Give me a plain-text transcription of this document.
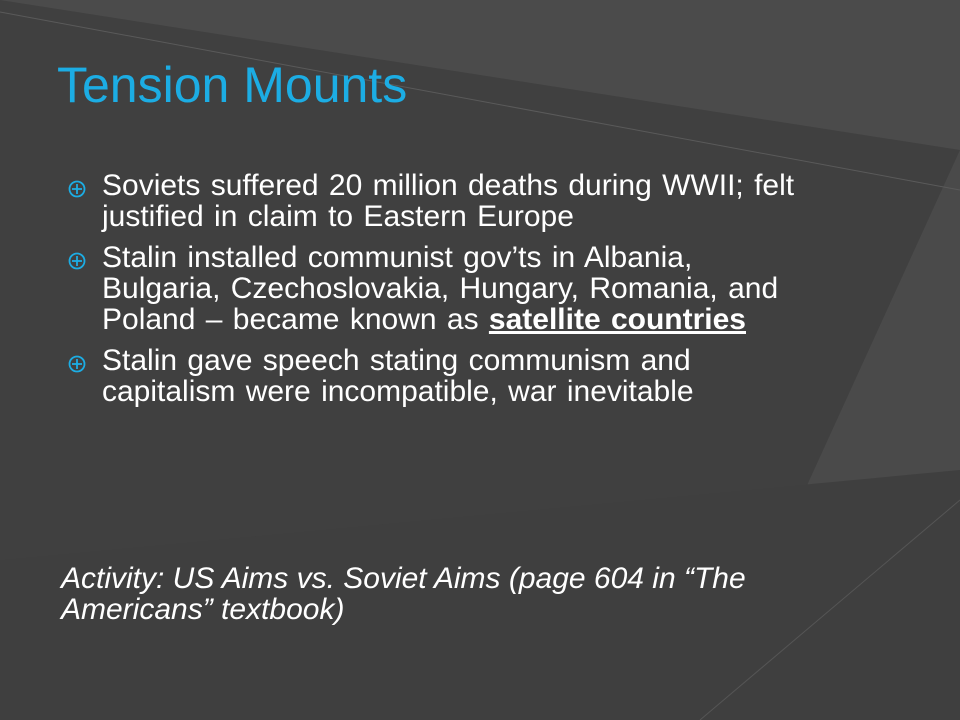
Tension Mounts
Soviets suffered 20 million deaths during WWII; felt justified in claim to Eastern Europe
Stalin installed communist gov’ts in Albania, Bulgaria, Czechoslovakia, Hungary, Romania, and Poland – became known as satellite countries
Stalin gave speech stating communism and capitalism were incompatible, war inevitable

Activity: US Aims vs. Soviet Aims (page 604 in “The Americans” textbook)
